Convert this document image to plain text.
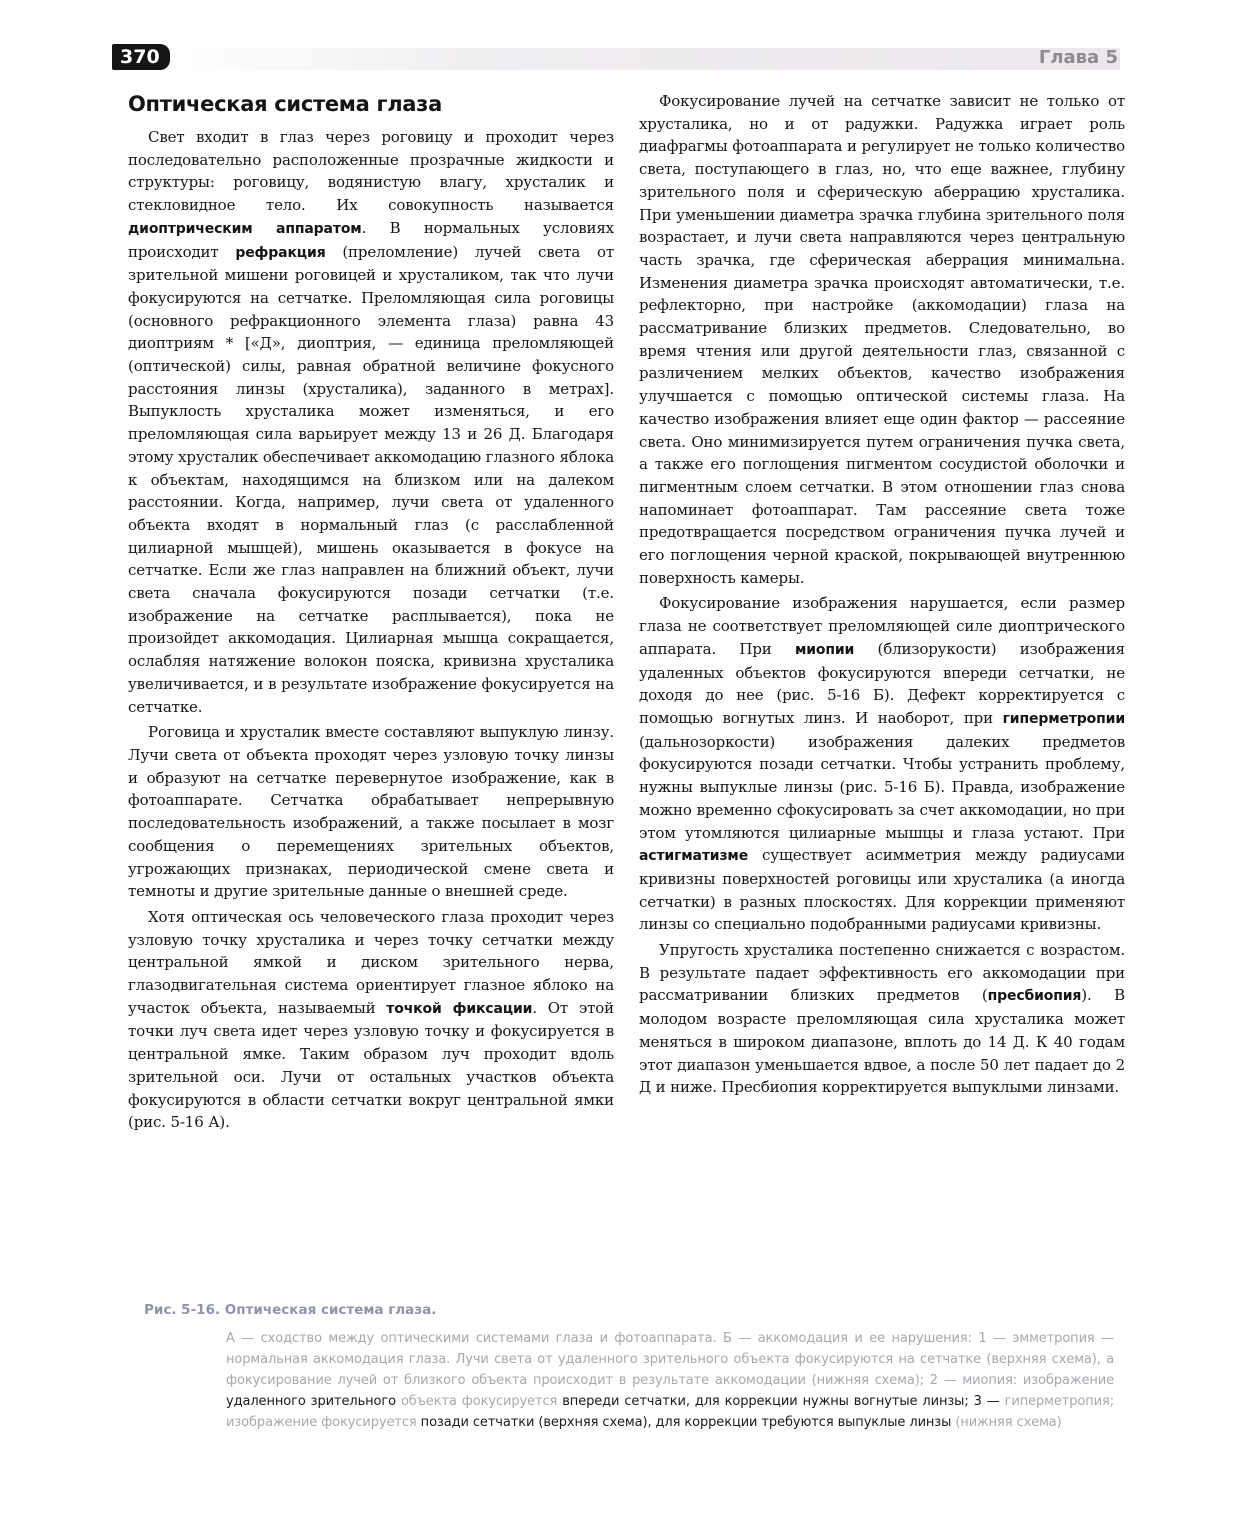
370	Глава 5
Оптическая система глаза

Свет входит в глаз через роговицу и проходит через последовательно расположенные прозрачные жидкости и структуры: роговицу, водянистую влагу, хрусталик и стекловидное тело. Их совокупность называется диоптрическим аппаратом. В нормальных условиях происходит рефракция (преломление) лучей света от зрительной мишени роговицей и хрусталиком, так что лучи фокусируются на сетчатке. Преломляющая сила роговицы (основного рефракционного элемента глаза) равна 43 диоптриям * [«Д», диоптрия, — единица преломляющей (оптической) силы, равная обратной величине фокусного расстояния линзы (хрусталика), заданного в метрах]. Выпуклость хрусталика может изменяться, и его преломляющая сила варьирует между 13 и 26 Д. Благодаря этому хрусталик обеспечивает аккомодацию глазного яблока к объектам, находящимся на близком или на далеком расстоянии. Когда, например, лучи света от удаленного объекта входят в нормальный глаз (с расслабленной цилиарной мышцей), мишень оказывается в фокусе на сетчатке. Если же глаз направлен на ближний объект, лучи света сначала фокусируются позади сетчатки (т.е. изображение на сетчатке расплывается), пока не произойдет аккомодация. Цилиарная мышца сокращается, ослабляя натяжение волокон пояска, кривизна хрусталика увеличивается, и в результате изображение фокусируется на сетчатке.

Роговица и хрусталик вместе составляют выпуклую линзу. Лучи света от объекта проходят через узловую точку линзы и образуют на сетчатке перевернутое изображение, как в фотоаппарате. Сетчатка обрабатывает непрерывную последовательность изображений, а также посылает в мозг сообщения о перемещениях зрительных объектов, угрожающих признаках, периодической смене света и темноты и другие зрительные данные о внешней среде.

Хотя оптическая ось человеческого глаза проходит через узловую точку хрусталика и через точку сетчатки между центральной ямкой и диском зрительного нерва, глазодвигательная система ориентирует глазное яблоко на участок объекта, называемый точкой фиксации. От этой точки луч света идет через узловую точку и фокусируется в центральной ямке. Таким образом луч проходит вдоль зрительной оси. Лучи от остальных участков объекта фокусируются в области сетчатки вокруг центральной ямки (рис. 5-16 А).

Фокусирование лучей на сетчатке зависит не только от хрусталика, но и от радужки. Радужка играет роль диафрагмы фотоаппарата и регулирует не только количество света, поступающего в глаз, но, что еще важнее, глубину зрительного поля и сферическую аберрацию хрусталика. При уменьшении диаметра зрачка глубина зрительного поля возрастает, и лучи света направляются через центральную часть зрачка, где сферическая аберрация минимальна. Изменения диаметра зрачка происходят автоматически, т.е. рефлекторно, при настройке (аккомодации) глаза на рассматривание близких предметов. Следовательно, во время чтения или другой деятельности глаз, связанной с различением мелких объектов, качество изображения улучшается с помощью оптической системы глаза. На качество изображения влияет еще один фактор — рассеяние света. Оно минимизируется путем ограничения пучка света, а также его поглощения пигментом сосудистой оболочки и пигментным слоем сетчатки. В этом отношении глаз снова напоминает фотоаппарат. Там рассеяние света тоже предотвращается посредством ограничения пучка лучей и его поглощения черной краской, покрывающей внутреннюю поверхность камеры.

Фокусирование изображения нарушается, если размер глаза не соответствует преломляющей силе диоптрического аппарата. При миопии (близорукости) изображения удаленных объектов фокусируются впереди сетчатки, не доходя до нее (рис. 5-16 Б). Дефект корректируется с помощью вогнутых линз. И наоборот, при гиперметропии (дальнозоркости) изображения далеких предметов фокусируются позади сетчатки. Чтобы устранить проблему, нужны выпуклые линзы (рис. 5-16 Б). Правда, изображение можно временно сфокусировать за счет аккомодации, но при этом утомляются цилиарные мышцы и глаза устают. При астигматизме существует асимметрия между радиусами кривизны поверхностей роговицы или хрусталика (а иногда сетчатки) в разных плоскостях. Для коррекции применяют линзы со специально подобранными радиусами кривизны.

Упругость хрусталика постепенно снижается с возрастом. В результате падает эффективность его аккомодации при рассматривании близких предметов (пресбиопия). В молодом возрасте преломляющая сила хрусталика может меняться в широком диапазоне, вплоть до 14 Д. К 40 годам этот диапазон уменьшается вдвое, а после 50 лет падает до 2 Д и ниже. Пресбиопия корректируется выпуклыми линзами.

Рис. 5-16. Оптическая система глаза.

А — сходство между оптическими системами глаза и фотоаппарата. Б — аккомодация и ее нарушения: 1 — эмметропия — нормальная аккомодация глаза. Лучи света от удаленного зрительного объекта фокусируются на сетчатке (верхняя схема), а фокусирование лучей от близкого объекта происходит в результате аккомодации (нижняя схема); 2 — миопия: изображение удаленного зрительного объекта фокусируется впереди сетчатки, для коррекции нужны вогнутые линзы; 3 — гиперметропия; изображение фокусируется позади сетчатки (верхняя схема), для коррекции требуются выпуклые линзы (нижняя схема)
